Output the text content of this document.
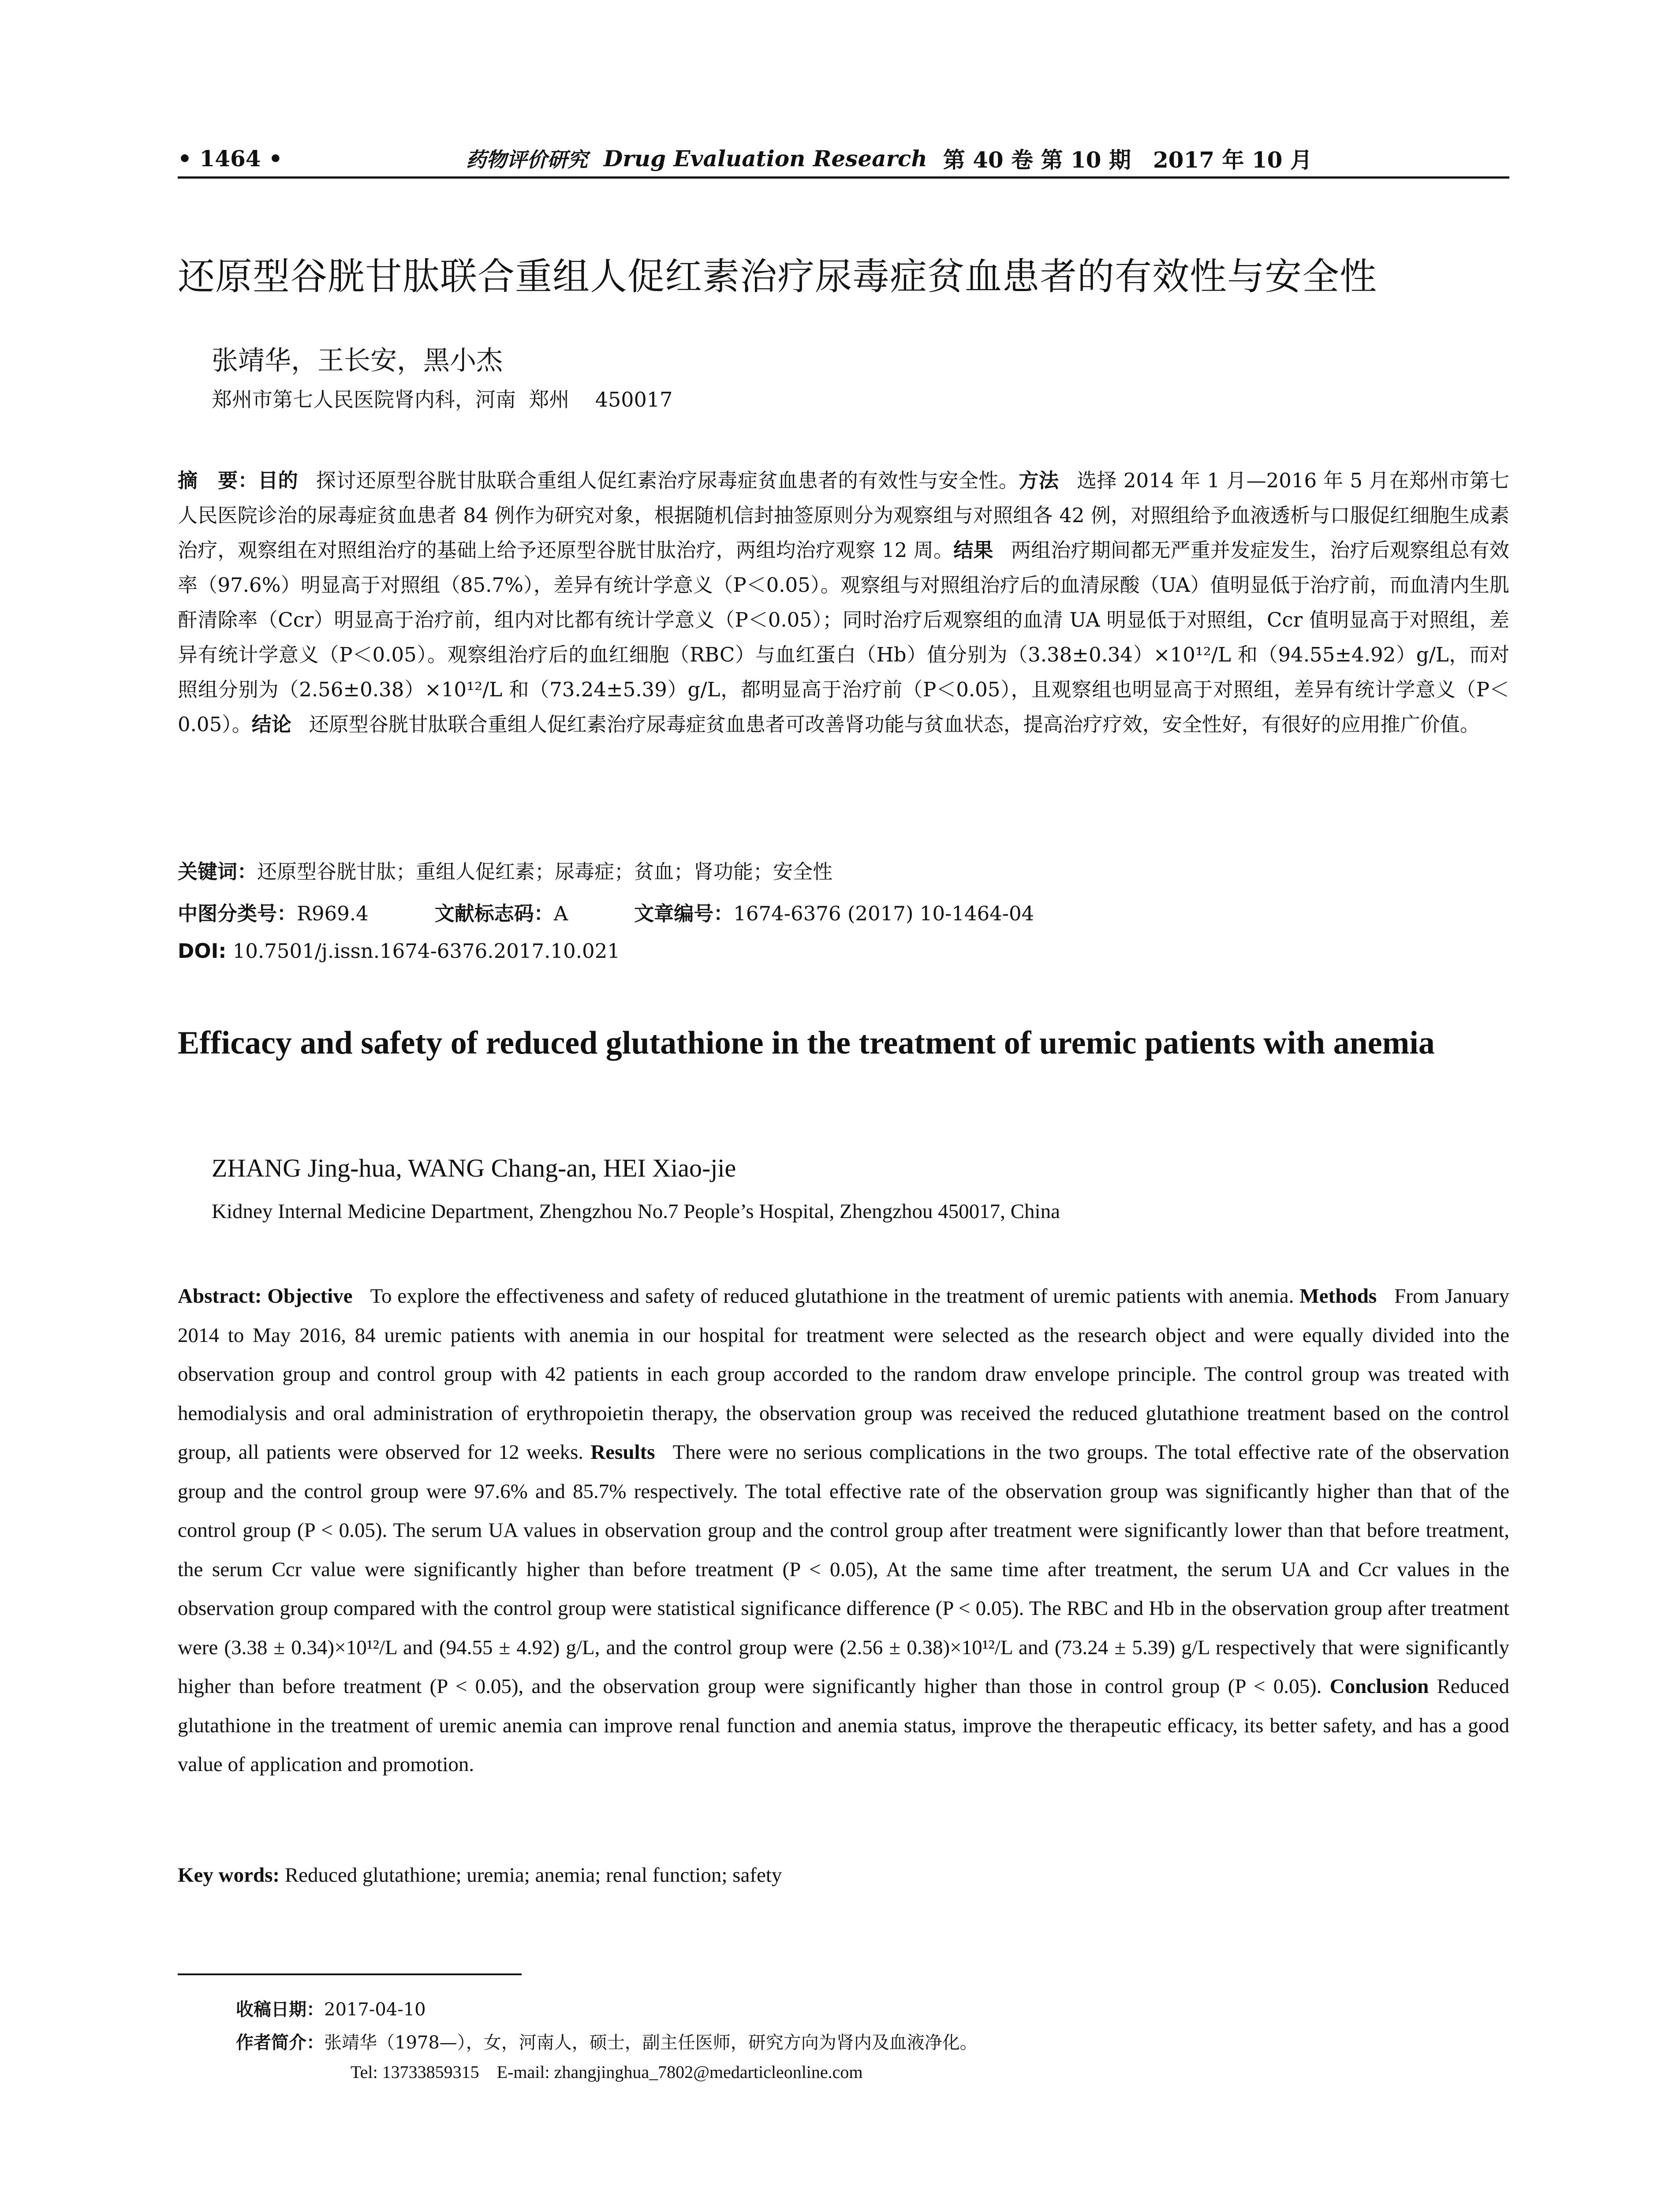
• 1464 •	药物评价研究 Drug Evaluation Research 第 40 卷 第 10 期　2017 年 10 月
还原型谷胱甘肽联合重组人促红素治疗尿毒症贫血患者的有效性与安全性
张靖华，王长安，黑小杰
郑州市第七人民医院肾内科，河南  郑州    450017
摘　要：目的 探讨还原型谷胱甘肽联合重组人促红素治疗尿毒症贫血患者的有效性与安全性。方法 选择 2014 年 1 月—2016 年 5 月在郑州市第七人民医院诊治的尿毒症贫血患者 84 例作为研究对象，根据随机信封抽签原则分为观察组与对照组各 42 例，对照组给予血液透析与口服促红细胞生成素治疗，观察组在对照组治疗的基础上给予还原型谷胱甘肽治疗，两组均治疗观察 12 周。结果 两组治疗期间都无严重并发症发生，治疗后观察组总有效率（97.6%）明显高于对照组（85.7%），差异有统计学意义（P＜0.05）。观察组与对照组治疗后的血清尿酸（UA）值明显低于治疗前，而血清内生肌酐清除率（Ccr）明显高于治疗前，组内对比都有统计学意义（P＜0.05）；同时治疗后观察组的血清 UA 明显低于对照组，Ccr 值明显高于对照组，差异有统计学意义（P＜0.05）。观察组治疗后的血红细胞（RBC）与血红蛋白（Hb）值分别为（3.38±0.34）×10¹²/L 和（94.55±4.92）g/L，而对照组分别为（2.56±0.38）×10¹²/L 和（73.24±5.39）g/L，都明显高于治疗前（P＜0.05），且观察组也明显高于对照组，差异有统计学意义（P＜0.05）。结论 还原型谷胱甘肽联合重组人促红素治疗尿毒症贫血患者可改善肾功能与贫血状态，提高治疗疗效，安全性好，有很好的应用推广价值。
关键词：还原型谷胱甘肽；重组人促红素；尿毒症；贫血；肾功能；安全性
中图分类号：R969.4	文献标志码：A	文章编号：1674-6376 (2017) 10-1464-04
DOI: 10.7501/j.issn.1674-6376.2017.10.021
Efficacy and safety of reduced glutathione in the treatment of uremic patients with anemia
ZHANG Jing-hua, WANG Chang-an, HEI Xiao-jie
Kidney Internal Medicine Department, Zhengzhou No.7 People’s Hospital, Zhengzhou 450017, China
Abstract: Objective To explore the effectiveness and safety of reduced glutathione in the treatment of uremic patients with anemia. Methods From January 2014 to May 2016, 84 uremic patients with anemia in our hospital for treatment were selected as the research object and were equally divided into the observation group and control group with 42 patients in each group accorded to the random draw envelope principle. The control group was treated with hemodialysis and oral administration of erythropoietin therapy, the observation group was received the reduced glutathione treatment based on the control group, all patients were observed for 12 weeks. Results There were no serious complications in the two groups. The total effective rate of the observation group and the control group were 97.6% and 85.7% respectively. The total effective rate of the observation group was significantly higher than that of the control group (P < 0.05). The serum UA values in observation group and the control group after treatment were significantly lower than that before treatment, the serum Ccr value were significantly higher than before treatment (P < 0.05), At the same time after treatment, the serum UA and Ccr values in the observation group compared with the control group were statistical significance difference (P < 0.05). The RBC and Hb in the observation group after treatment were (3.38 ± 0.34)×10¹²/L and (94.55 ± 4.92) g/L, and the control group were (2.56 ± 0.38)×10¹²/L and (73.24 ± 5.39) g/L respectively that were significantly higher than before treatment (P < 0.05), and the observation group were significantly higher than those in control group (P < 0.05). Conclusion Reduced glutathione in the treatment of uremic anemia can improve renal function and anemia status, improve the therapeutic efficacy, its better safety, and has a good value of application and promotion.
Key words: Reduced glutathione; uremia; anemia; renal function; safety
收稿日期：2017-04-10
作者简介：张靖华（1978—），女，河南人，硕士，副主任医师，研究方向为肾内及血液净化。
Tel: 13733859315    E-mail: zhangjinghua_7802@medarticleonline.com
